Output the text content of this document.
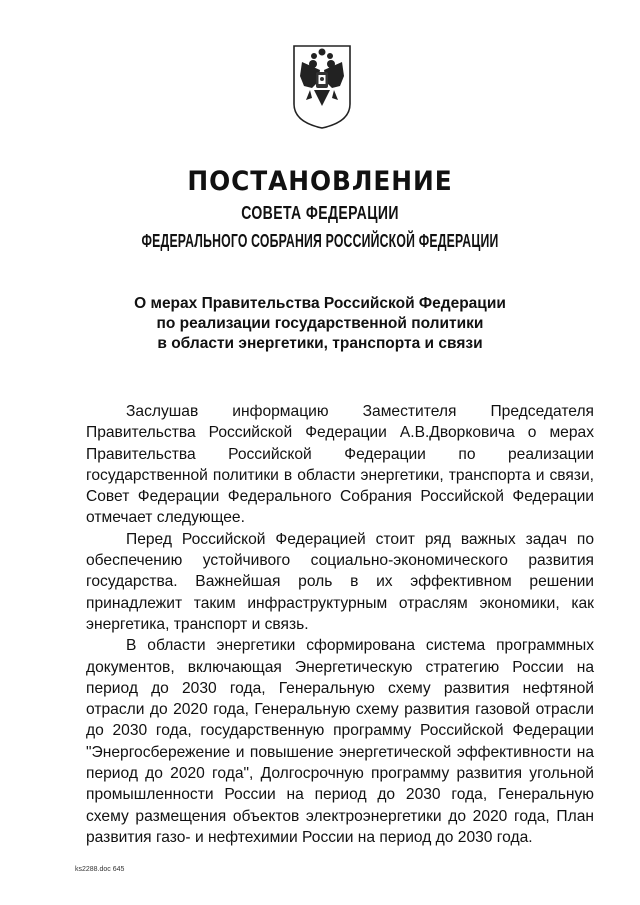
ПОСТАНОВЛЕНИЕ
СОВЕТА ФЕДЕРАЦИИ
ФЕДЕРАЛЬНОГО СОБРАНИЯ РОССИЙСКОЙ ФЕДЕРАЦИИ
О мерах Правительства Российской Федерации
по реализации государственной политики
в области энергетики, транспорта и связи

Заслушав информацию Заместителя Председателя Правительства Российской Федерации А.В.Дворковича о мерах Правительства Российской Федерации по реализации государственной политики в области энергетики, транспорта и связи, Совет Федерации Федерального Собрания Российской Федерации отмечает следующее.

Перед Российской Федерацией стоит ряд важных задач по обеспечению устойчивого социально-экономического развития государства. Важнейшая роль в их эффективном решении принадлежит таким инфраструктурным отраслям экономики, как энергетика, транспорт и связь.

В области энергетики сформирована система программных документов, включающая Энергетическую стратегию России на период до 2030 года, Генеральную схему развития нефтяной отрасли до 2020 года, Генеральную схему развития газовой отрасли до 2030 года, государственную программу Российской Федерации "Энергосбережение и повышение энергетической эффективности на период до 2020 года", Долгосрочную программу развития угольной промышленности России на период до 2030 года, Генеральную схему размещения объектов электроэнергетики до 2020 года, План развития газо- и нефтехимии России на период до 2030 года.

ks2288.doc 645
